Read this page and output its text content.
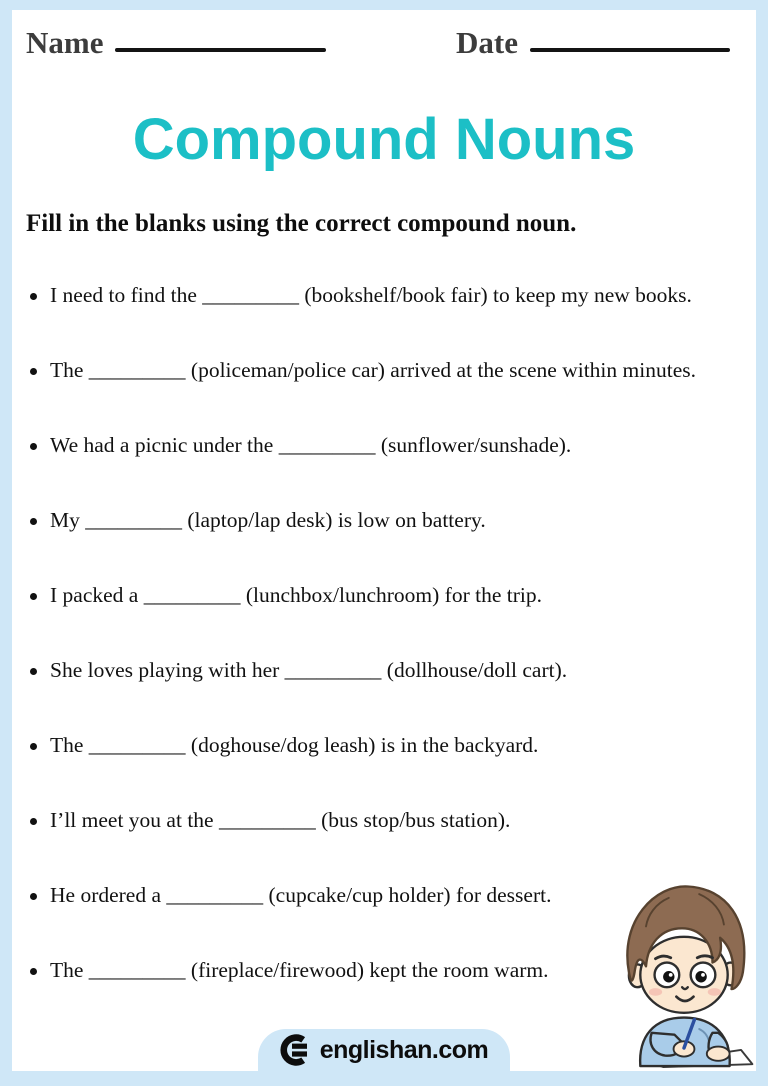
Name	Date
Compound Nouns
Fill in the blanks using the correct compound noun.
I need to find the _________ (bookshelf/book fair) to keep my new books.
The _________ (policeman/police car) arrived at the scene within minutes.
We had a picnic under the _________ (sunflower/sunshade).
My _________ (laptop/lap desk) is low on battery.
I packed a _________ (lunchbox/lunchroom) for the trip.
She loves playing with her _________ (dollhouse/doll cart).
The _________ (doghouse/dog leash) is in the backyard.
I’ll meet you at the _________ (bus stop/bus station).
He ordered a _________ (cupcake/cup holder) for dessert.
The _________ (fireplace/firewood) kept the room warm.
englishan.com
